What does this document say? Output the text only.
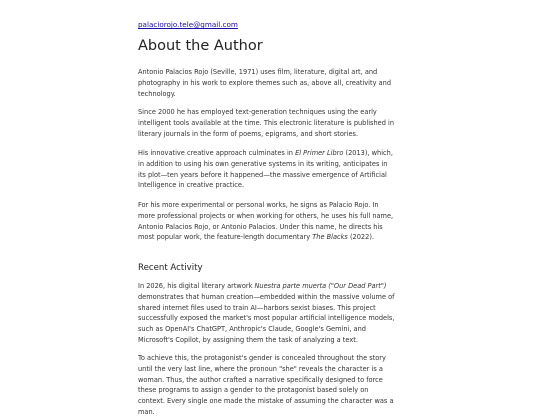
palaciorojo.tele@gmail.com
About the Author

Antonio Palacios Rojo (Seville, 1971) uses film, literature, digital art, and photography in his work to explore themes such as, above all, creativity and technology.

Since 2000 he has employed text-generation techniques using the early intelligent tools available at the time. This electronic literature is published in literary journals in the form of poems, epigrams, and short stories.

His innovative creative approach culminates in El Primer Libro (2013), which, in addition to using his own generative systems in its writing, anticipates in its plot—ten years before it happened—the massive emergence of Artificial Intelligence in creative practice.

For his more experimental or personal works, he signs as Palacio Rojo. In more professional projects or when working for others, he uses his full name, Antonio Palacios Rojo, or Antonio Palacios. Under this name, he directs his most popular work, the feature-length documentary The Blacks (2022).

Recent Activity

In 2026, his digital literary artwork Nuestra parte muerta ("Our Dead Part") demonstrates that human creation—embedded within the massive volume of shared internet files used to train AI—harbors sexist biases. This project successfully exposed the market's most popular artificial intelligence models, such as OpenAI's ChatGPT, Anthropic's Claude, Google's Gemini, and Microsoft's Copilot, by assigning them the task of analyzing a text.

To achieve this, the protagonist's gender is concealed throughout the story until the very last line, where the pronoun "she" reveals the character is a woman. Thus, the author crafted a narrative specifically designed to force these programs to assign a gender to the protagonist based solely on context. Every single one made the mistake of assuming the character was a man.
